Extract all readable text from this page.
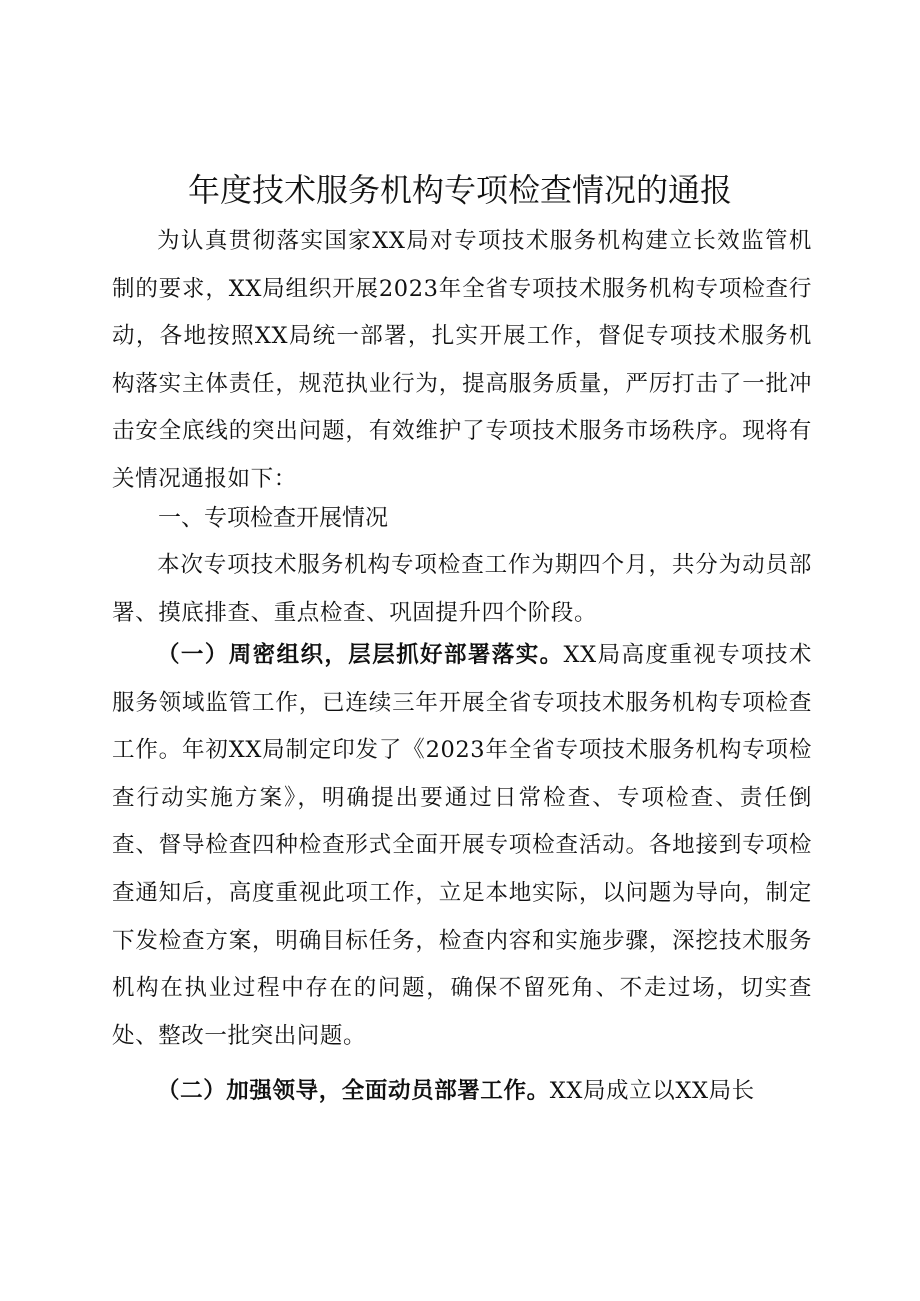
年度技术服务机构专项检查情况的通报
为认真贯彻落实国家XX局对专项技术服务机构建立长效监管机制的要求，XX局组织开展2023年全省专项技术服务机构专项检查行动，各地按照XX局统一部署，扎实开展工作，督促专项技术服务机构落实主体责任，规范执业行为，提高服务质量，严厉打击了一批冲击安全底线的突出问题，有效维护了专项技术服务市场秩序。现将有关情况通报如下：
一、专项检查开展情况
本次专项技术服务机构专项检查工作为期四个月，共分为动员部署、摸底排查、重点检查、巩固提升四个阶段。
（一）周密组织，层层抓好部署落实。XX局高度重视专项技术服务领域监管工作，已连续三年开展全省专项技术服务机构专项检查工作。年初XX局制定印发了《2023年全省专项技术服务机构专项检查行动实施方案》，明确提出要通过日常检查、专项检查、责任倒查、督导检查四种检查形式全面开展专项检查活动。各地接到专项检查通知后，高度重视此项工作，立足本地实际，以问题为导向，制定下发检查方案，明确目标任务，检查内容和实施步骤，深挖技术服务机构在执业过程中存在的问题，确保不留死角、不走过场，切实查处、整改一批突出问题。
（二）加强领导，全面动员部署工作。XX局成立以XX局长
